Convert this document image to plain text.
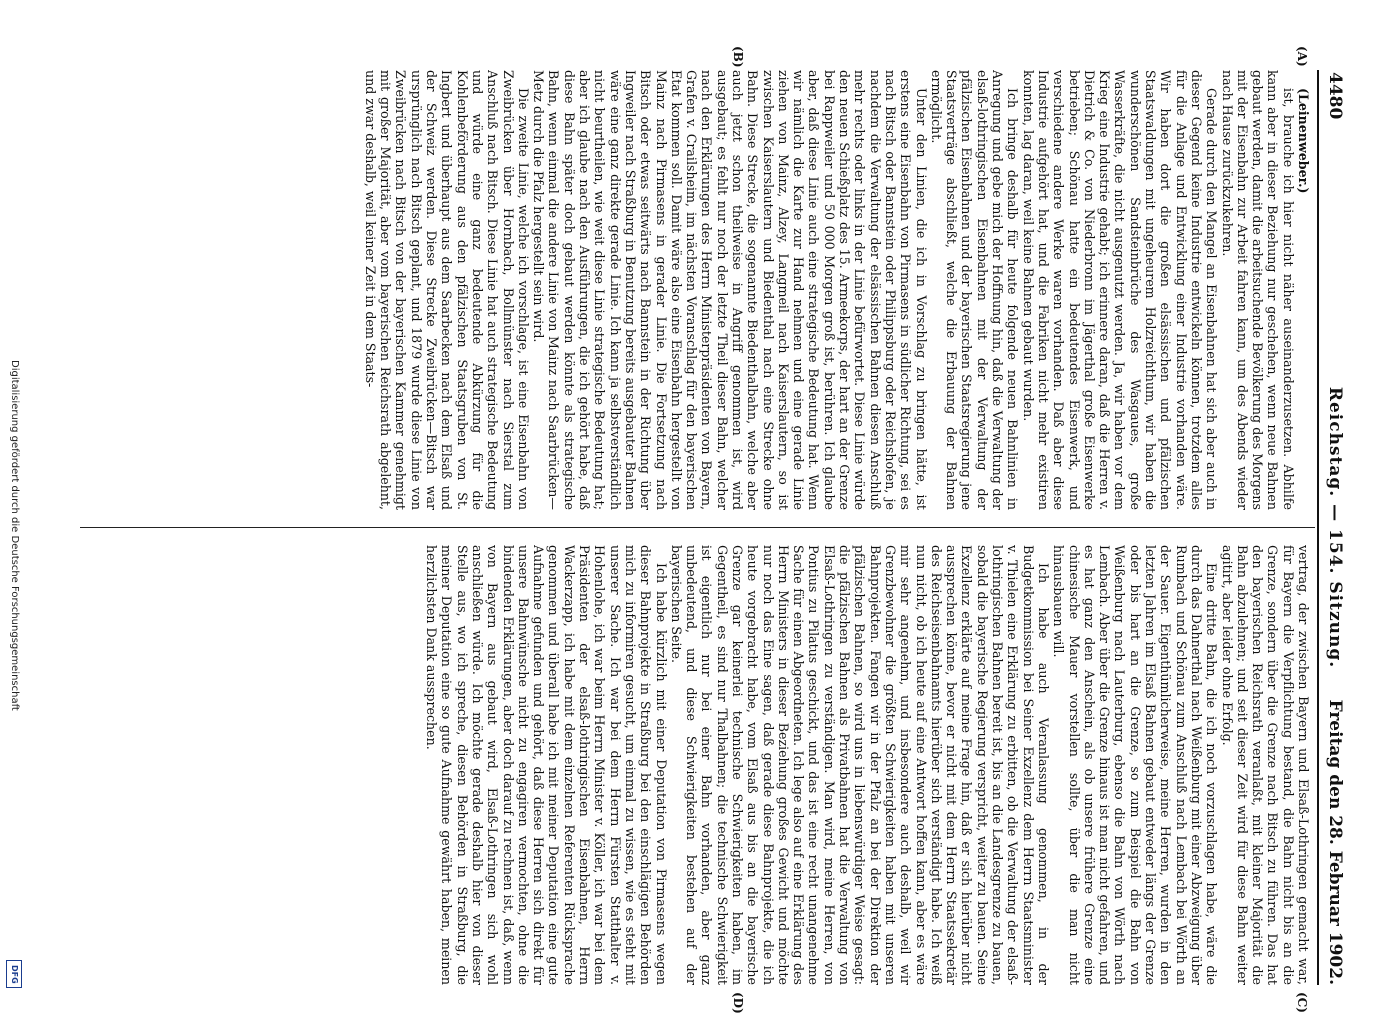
4480
Reichstag. — 154. Sitzung.
Freitag den 28. Februar 1902.
(A)
(B)
(C)
(D)

(Leinenweber.)

ist, brauche ich hier nicht näher auseinanderzusetzen. Abhilfe kann aber in dieser Beziehung nur geschehen, wenn neue Bahnen gebaut werden, damit die arbeitsuchende Bevölkerung des Morgens mit der Eisenbahn zur Arbeit fahren kann, um des Abends wieder nach Hause zurückzukehren.

Gerade durch den Mangel an Eisenbahnen hat sich aber auch in dieser Gegend keine Industrie entwickeln können, trotzdem alles für die Anlage und Entwicklung einer Industrie vorhanden wäre. Wir haben dort die großen elsässischen und pfälzischen Staatswaldungen mit ungeheurem Holzreichthum, wir haben die wunderschönen Sandsteinbrüche des Wasgaues, große Wasserkräfte, die nicht ausgenutzt werden. Ja, wir haben vor dem Krieg eine Industrie gehabt; ich erinnere daran, daß die Herren v. Dietrich & Co. von Niederbronn im Jägerthal große Eisenwerke betrieben; Schönau hatte ein bedeutendes Eisenwerk, und verschiedene andere Werke waren vorhanden. Daß aber diese Industrie aufgehört hat, und die Fabriken nicht mehr existiren konnten, lag daran, weil keine Bahnen gebaut wurden.

Ich bringe deshalb für heute folgende neuen Bahnlinien in Anregung und gebe mich der Hoffnung hin, daß die Verwaltung der elsaß-lothringischen Eisenbahnen mit der Verwaltung der pfälzischen Eisenbahnen und der bayerischen Staatsregierung jene Staatsverträge abschließt, welche die Erbauung der Bahnen ermöglicht.

Unter den Linien, die ich in Vorschlag zu bringen hätte, ist erstens eine Eisenbahn von Pirmasens in südlicher Richtung, sei es nach Bitsch oder Bannstein oder Philippsburg oder Reichshofen, je nachdem die Verwaltung der elsässischen Bahnen diesen Anschluß mehr rechts oder links in der Linie befürwortet. Diese Linie würde den neuen Schießplatz des 15. Armeekorps, der hart an der Grenze bei Rappweiler und 50 000 Morgen groß ist, berühren. Ich glaube aber, daß diese Linie auch eine strategische Bedeutung hat. Wenn wir nämlich die Karte zur Hand nehmen und eine gerade Linie ziehen von Mainz, Alzey, Langmeil nach Kaiserslautern, so ist zwischen Kaiserslautern und Biedenthal nach eine Strecke ohne Bahn. Diese Strecke, die sogenannte Biedenthalbahn, welche aber auch jetzt schon theilweise in Angriff genommen ist, wird ausgebaut; es fehlt nur noch der letzte Theil dieser Bahn, welcher nach den Erklärungen des Herrn Ministerpräsidenten von Bayern, Grafen v. Crailsheim, im nächsten Voranschlag für den bayerischen Etat kommen soll. Damit wäre also eine Eisenbahn hergestellt von Mainz nach Pirmasens in gerader Linie. Die Fortsetzung nach Bitsch oder etwas seitwärts nach Bannstein in der Richtung über Ingweiler nach Straßburg in Benutzung bereits ausgebauter Bahnen wäre eine ganz direkte gerade Linie. Ich kann ja selbstverständlich nicht beurtheilen, wie weit diese Linie strategische Bedeutung hat; aber ich glaube nach den Ausführungen, die ich gehört habe, daß diese Bahn später doch gebaut werden könnte als strategische Bahn, wenn einmal die andere Linie von Mainz nach Saarbrücken—Metz durch die Pfalz hergestellt sein wird.

Die zweite Linie, welche ich vorschlage, ist eine Eisenbahn von Zweibrücken über Hornbach, Bollmünster nach Sierstal zum Anschluß nach Bitsch. Diese Linie hat auch strategische Bedeutung und würde eine ganz bedeutende Abkürzung für die Kohlenbeförderung aus den pfälzischen Staatsgruben von St. Ingbert und überhaupt aus dem Saarbecken nach dem Elsaß und der Schweiz werden. Diese Strecke Zweibrücken—Bitsch war ursprünglich nach Bitsch geplant, und 1879 wurde diese Linie von Zweibrücken nach Bitsch von der bayerischen Kammer genehmigt mit großer Majorität, aber vom bayerischen Reichsrath abgelehnt, und zwar deshalb, weil keiner Zeit in dem Staats-

vertrag, der zwischen Bayern und Elsaß-Lothringen gemacht war, für Bayern die Verpflichtung bestand, die Bahn nicht bis an die Grenze, sondern über die Grenze nach Bitsch zu führen. Das hat den bayerischen Reichsrath veranlaßt, mit kleiner Majorität die Bahn abzulehnen; und seit dieser Zeit wird für diese Bahn weiter agitirt, aber leider ohne Erfolg.

Eine dritte Bahn, die ich noch vorzuschlagen habe, wäre die durch das Dahnerthal nach Weißenburg mit einer Abzweigung über Rumbach und Schönau zum Anschluß nach Lembach bei Wörth an der Sauer. Eigenthümlicherweise, meine Herren, wurden in den letzten Jahren im Elsaß Bahnen gebaut entweder längs der Grenze oder bis hart an die Grenze, so zum Beispiel die Bahn von Weißenburg nach Lauterburg, ebenso die Bahn von Wörth nach Lembach. Aber über die Grenze hinaus ist man nicht gefahren, und es hat ganz den Anschein, als ob unsere frühere Grenze eine chinesische Mauer vorstellen sollte, über die man nicht hinausbauen will.

Ich habe auch Veranlassung genommen, in der Budgetkommission bei Seiner Exzellenz dem Herrn Staatsminister v. Thielen eine Erklärung zu erbitten, ob die Verwaltung der elsaß-lothringischen Bahnen bereit ist, bis an die Landesgrenze zu bauen, sobald die bayerische Regierung verspricht, weiter zu bauen. Seine Exzellenz erklärte auf meine Frage hin, daß er sich hierüber nicht aussprechen könne, bevor er nicht mit dem Herrn Staatssekretär des Reichseisenbahnamts hierüber sich verständigt habe. Ich weiß nun nicht, ob ich heute auf eine Antwort hoffen kann, aber es wäre mir sehr angenehm, und insbesondere auch deshalb, weil wir Grenzbewohner die größten Schwierigkeiten haben mit unseren Bahnprojekten. Fangen wir in der Pfalz an bei der Direktion der pfälzischen Bahnen, so wird uns in liebenswürdiger Weise gesagt: die pfälzischen Bahnen als Privatbahnen hat die Verwaltung von Elsaß-Lothringen zu verständigen. Man wird, meine Herren, von Pontius zu Pilatus geschickt, und das ist eine recht unangenehme Sache für einen Abgeordneten. Ich lege also auf eine Erklärung des Herrn Ministers in dieser Beziehung großes Gewicht und möchte nur noch das Eine sagen, daß gerade diese Bahnprojekte, die ich heute vorgebracht habe, vom Elsaß aus bis an die bayerische Grenze gar keinerlei technische Schwierigkeiten haben, im Gegentheil, es sind nur Thalbahnen; die technische Schwierigkeit ist eigentlich nur bei einer Bahn vorhanden, aber ganz unbedeutend, und diese Schwierigkeiten bestehen auf der bayerischen Seite.

Ich habe kürzlich mit einer Deputation von Pirmasens wegen dieser Bahnprojekte in Straßburg bei den einschlägigen Behörden mich zu informiren gesucht, um einmal zu wissen, wie es steht mit unserer Sache. Ich war bei dem Herrn Fürsten Statthalter v. Hohenlohe, ich war beim Herrn Minister v. Köller, ich war bei dem Präsidenten der elsaß-lothringischen Eisenbahnen, Herrn Wackerzapp, ich habe mit dem einzelnen Referenten Rücksprache genommen und überall habe ich mit meiner Deputation eine gute Aufnahme gefunden und gehört, daß diese Herren sich direkt für unsere Bahnwünsche nicht zu engagiren vermochten, ohne die bindenden Erklärungen, aber doch darauf zu rechnen ist, daß, wenn von Bayern aus gebaut wird, Elsaß-Lothringen sich wohl anschließen würde. Ich möchte gerade deshalb hier von dieser Stelle aus, wo ich spreche, diesen Behörden in Straßburg, die meiner Deputation eine so gute Aufnahme gewährt haben, meinen herzlichsten Dank aussprechen.

Digitalisierung gefördert durch die Deutsche Forschungsgemeinschaft
DFG
